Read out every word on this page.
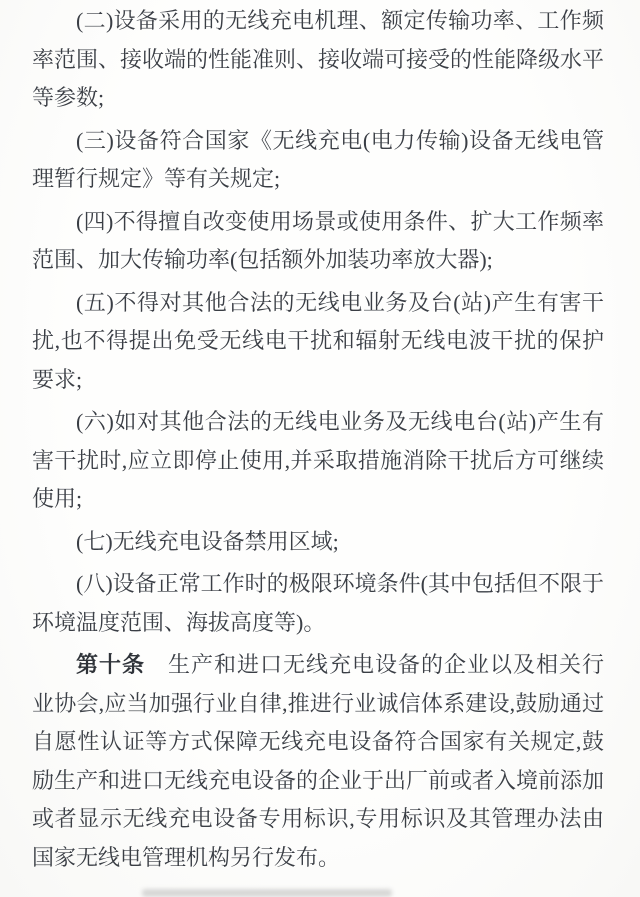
(二)设备采用的无线充电机理、额定传输功率、工作频率范围、接收端的性能准则、接收端可接受的性能降级水平等参数;

(三)设备符合国家《无线充电(电力传输)设备无线电管理暂行规定》等有关规定;

(四)不得擅自改变使用场景或使用条件、扩大工作频率范围、加大传输功率(包括额外加装功率放大器);

(五)不得对其他合法的无线电业务及台(站)产生有害干扰,也不得提出免受无线电干扰和辐射无线电波干扰的保护要求;

(六)如对其他合法的无线电业务及无线电台(站)产生有害干扰时,应立即停止使用,并采取措施消除干扰后方可继续使用;

(七)无线充电设备禁用区域;

(八)设备正常工作时的极限环境条件(其中包括但不限于环境温度范围、海拔高度等)。

第十条　生产和进口无线充电设备的企业以及相关行业协会,应当加强行业自律,推进行业诚信体系建设,鼓励通过自愿性认证等方式保障无线充电设备符合国家有关规定,鼓励生产和进口无线充电设备的企业于出厂前或者入境前添加或者显示无线充电设备专用标识,专用标识及其管理办法由国家无线电管理机构另行发布。
